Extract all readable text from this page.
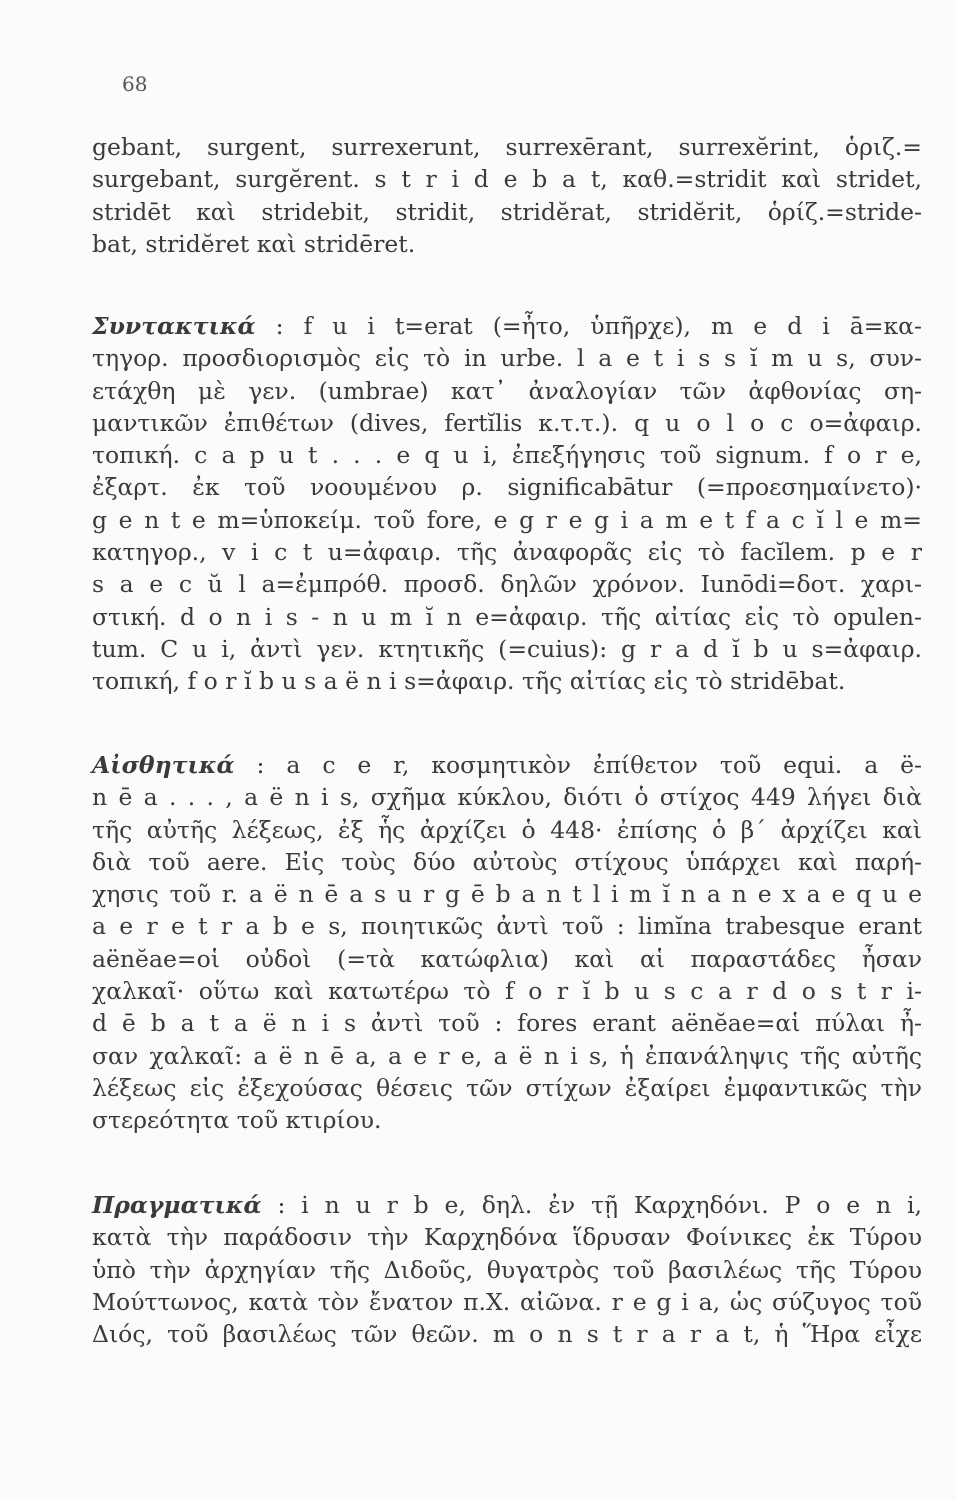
68
gebant, surgent, surrexerunt, surrexērant, surrexĕrint, ὁριζ.=
surgebant, surgĕrent. s t r i d e b a t, καθ.=stridit καὶ stridet,
stridēt καὶ stridebit, stridit, stridĕrat, stridĕrit, ὁρίζ.=stride-
bat, stridĕret καὶ stridēret.
Συντακτικά : f u i t=erat (=ἦτο, ὑπῆρχε), m e d i ā=κα-
τηγορ. προσδιορισμὸς εἰς τὸ in urbe. l a e t i s s ĭ m u s, συν-
ετάχθη μὲ γεν. (umbrae) κατ᾿ ἀναλογίαν τῶν ἀφθονίας ση-
μαντικῶν ἐπιθέτων (dives, fertĭlis κ.τ.τ.). q u o l o c o=ἀφαιρ.
τοπική. c a p u t . . . e q u i, ἐπεξήγησις τοῦ signum. f o r e,
ἐξαρτ. ἐκ τοῦ νοουμένου ρ. significabātur (=προεσημαίνετο)·
g e n t e m=ὑποκείμ. τοῦ fore, e g r e g i a m e t f a c ĭ l e m=
κατηγορ., v i c t u=ἀφαιρ. τῆς ἀναφορᾶς εἰς τὸ facĭlem. p e r
s a e c ŭ l a=ἐμπρόθ. προσδ. δηλῶν χρόνον. Iunōdi=δοτ. χαρι-
στική. d o n i s - n u m ĭ n e=ἀφαιρ. τῆς αἰτίας εἰς τὸ opulen-
tum. C u i, ἀντὶ γεν. κτητικῆς (=cuius): g r a d ĭ b u s=ἀφαιρ.
τοπική, f o r ĭ b u s a ë n i s=ἀφαιρ. τῆς αἰτίας εἰς τὸ stridēbat.
Αἰσθητικά : a c e r, κοσμητικὸν ἐπίθετον τοῦ equi. a ë-
n ē a . . . , a ë n i s, σχῆμα κύκλου, διότι ὁ στίχος 449 λήγει διὰ
τῆς αὐτῆς λέξεως, ἐξ ἧς ἀρχίζει ὁ 448· ἐπίσης ὁ β΄ ἀρχίζει καὶ
διὰ τοῦ aere. Εἰς τοὺς δύο αὐτοὺς στίχους ὑπάρχει καὶ παρή-
χησις τοῦ r. a ë n ē a s u r g ē b a n t l i m ĭ n a n e x a e q u e
a e r e t r a b e s, ποιητικῶς ἀντὶ τοῦ : limĭna trabesque erant
aënĕae=οἱ οὐδοὶ (=τὰ κατώφλια) καὶ αἱ παραστάδες ἦσαν
χαλκαῖ· οὕτω καὶ κατωτέρω τὸ f o r ĭ b u s c a r d o s t r i-
d ē b a t a ë n i s ἀντὶ τοῦ : fores erant aënĕae=αἱ πύλαι ἦ-
σαν χαλκαῖ: a ë n ē a, a e r e, a ë n i s, ἡ ἐπανάληψις τῆς αὐτῆς
λέξεως εἰς ἐξεχούσας θέσεις τῶν στίχων ἐξαίρει ἐμφαντικῶς τὴν
στερεότητα τοῦ κτιρίου.
Πραγματικά : i n u r b e, δηλ. ἐν τῇ Καρχηδόνι. P o e n i,
κατὰ τὴν παράδοσιν τὴν Καρχηδόνα ἵδρυσαν Φοίνικες ἐκ Τύρου
ὑπὸ τὴν ἀρχηγίαν τῆς Διδοῦς, θυγατρὸς τοῦ βασιλέως τῆς Τύρου
Μούττωνος, κατὰ τὸν ἔνατον π.Χ. αἰῶνα. r e g i a, ὡς σύζυγος τοῦ
Διός, τοῦ βασιλέως τῶν θεῶν. m o n s t r a r a t, ἡ Ἥρα εἶχε
